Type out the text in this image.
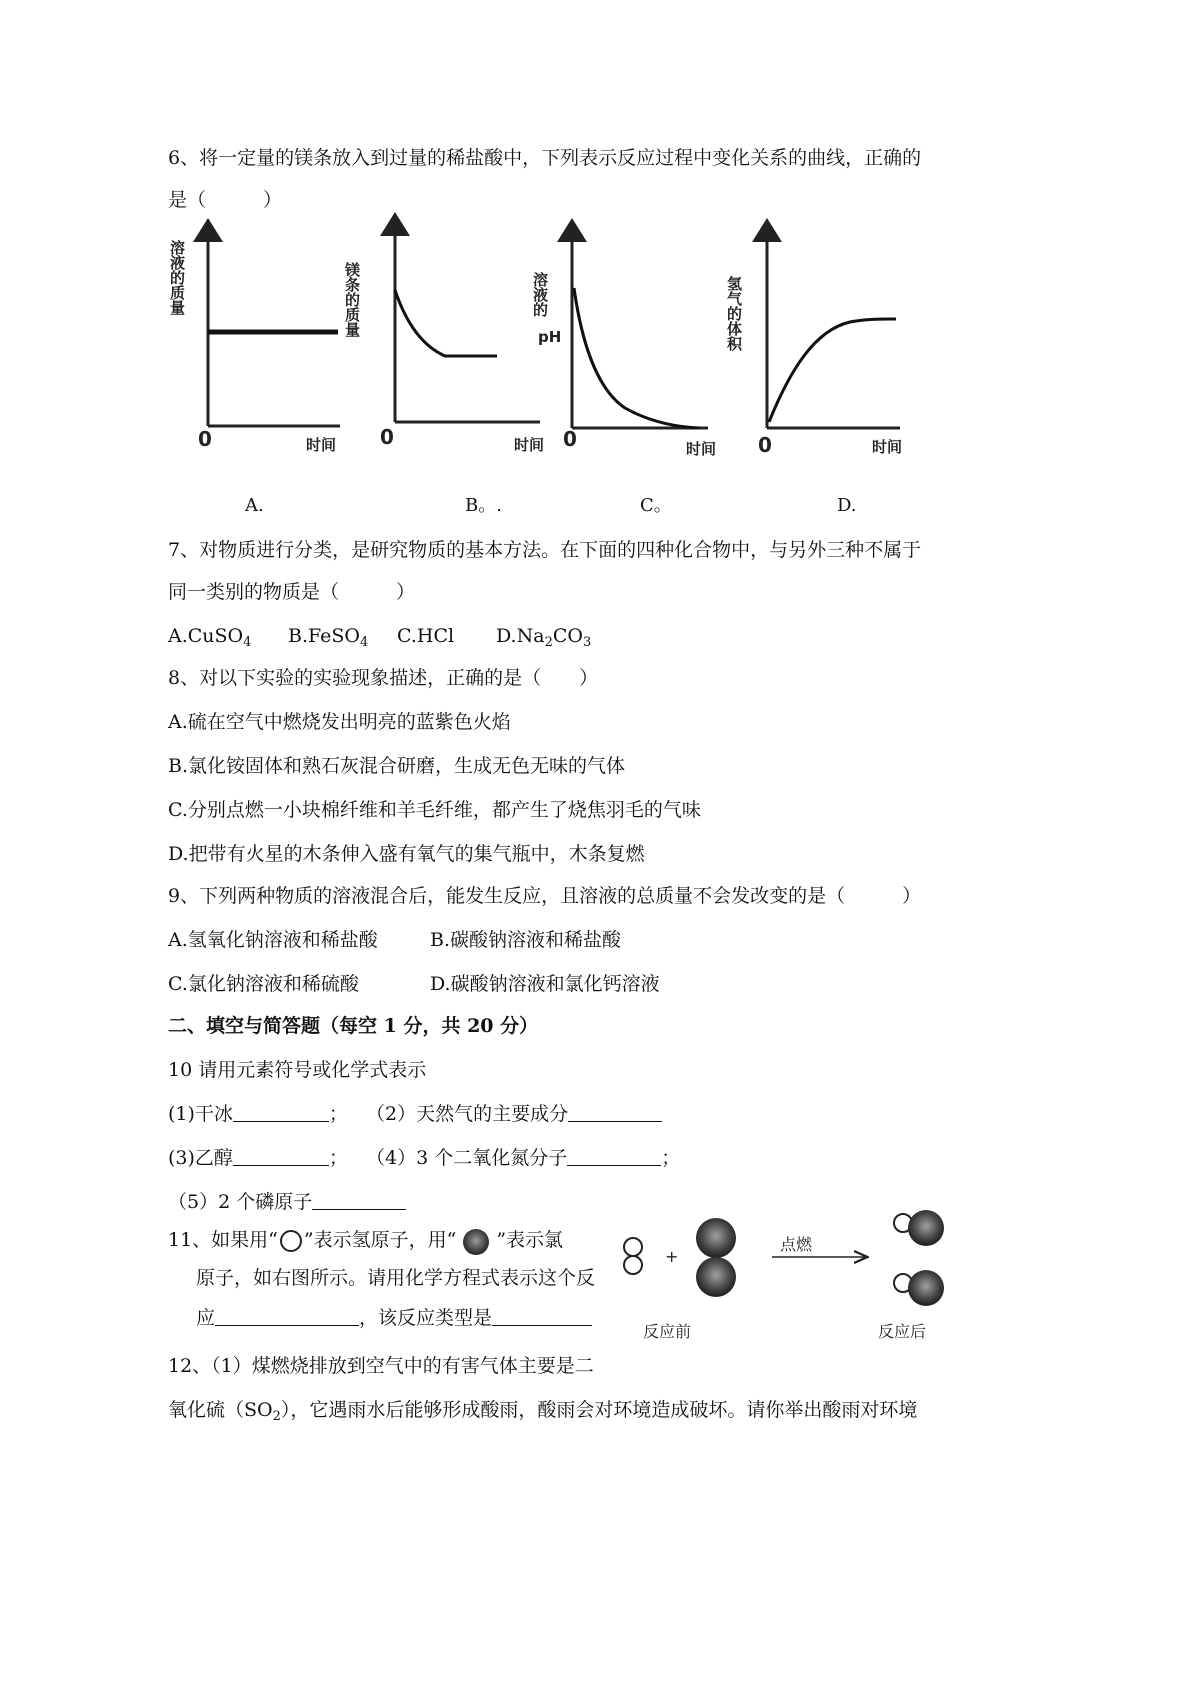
6、将一定量的镁条放入到过量的稀盐酸中，下列表示反应过程中变化关系的曲线，正确的
是（　　　）
溶液的质量
0	时间
镁条的质量
0	时间
溶液的
pH
0	时间
氢气的体积
0	时间
A.	B。.	C。	D.
7、对物质进行分类，是研究物质的基本方法。在下面的四种化合物中，与另外三种不属于
同一类别的物质是（　　　）
A.CuSO$_4$ B.FeSO$_4$ C.HCl $D.Na_2CO_3$
8、对以下实验的实验现象描述，正确的是（　　）
A.硫在空气中燃烧发出明亮的蓝紫色火焰
B.氯化铵固体和熟石灰混合研磨，生成无色无味的气体
C.分别点燃一小块棉纤维和羊毛纤维，都产生了烧焦羽毛的气味
D.把带有火星的木条伸入盛有氧气的集气瓶中，木条复燃
9、下列两种物质的溶液混合后，能发生反应，且溶液的总质量不会发改变的是（　　　）
A.氢氧化钠溶液和稀盐酸	B.碳酸钠溶液和稀盐酸
C.氯化钠溶液和稀硫酸	D.碳酸钠溶液和氯化钙溶液
二、填空与简答题（每空 1 分，共 20 分）
10 请用元素符号或化学式表示
(1)干冰	； （2）天然气的主要成分
(3)乙醇	； （4）3 个二氧化氮分子	；
（5）2 个磷原子
11、如果用“ ”表示氢原子，用“ ”表示氯
原子，如右图所示。请用化学方程式表示这个反
应	，该反应类型是
+
点燃
反应前	反应后
12、（1）煤燃烧排放到空气中的有害气体主要是二
氧化硫$(SO_2)$，它遇雨水后能够形成酸雨，酸雨会对环境造成破坏。请你举出酸雨对环境
